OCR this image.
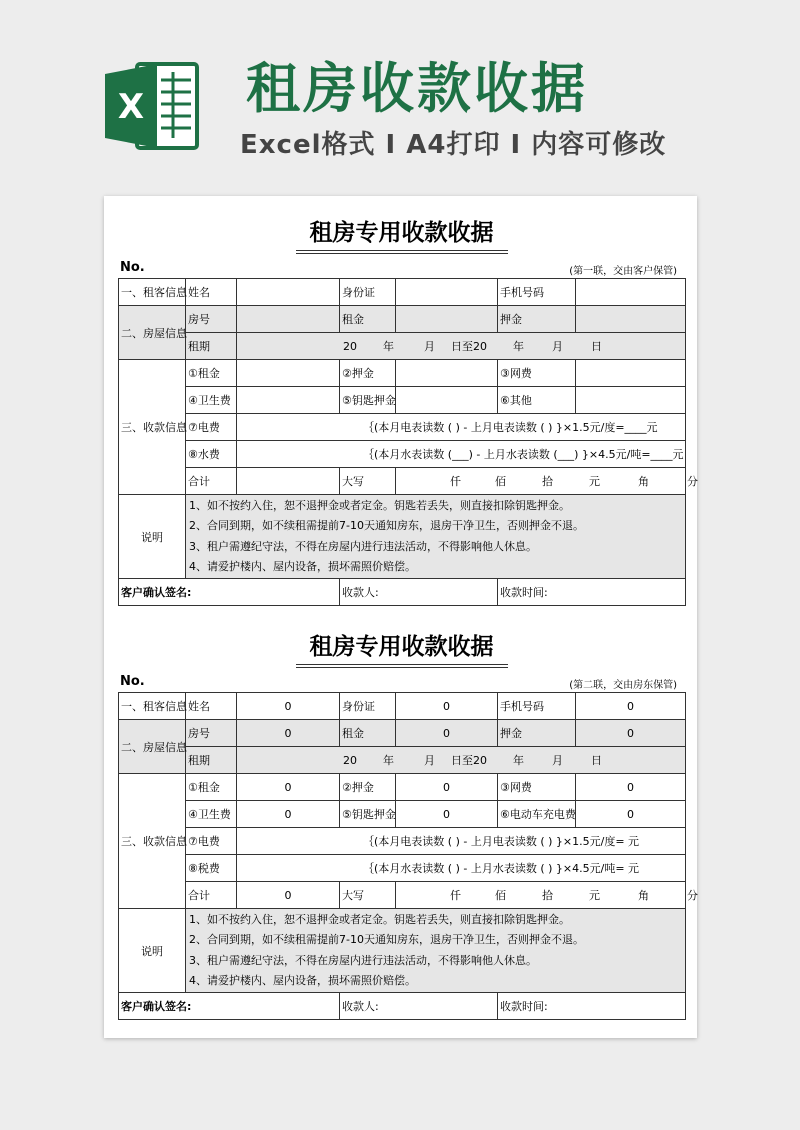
X 租房收款收据
Excel格式 I A4打印 I 内容可修改
租房专用收款收据
No.	(第一联，交由客户保管)
一、租客信息	姓名		身份证		手机号码	
二、房屋信息	房号		租金		押金	
	租期	20 年 月 日至20 年 月 日				
三、收款信息	①租金		②押金		③网费	
	④卫生费		⑤钥匙押金		⑥其他	
	⑦电费	｛(本月电表读数 ( ) - 上月电表读数 ( ) }×1.5元/度=____元				
	⑧水费	｛(本月水表读数 (___) - 上月水表读数 (___) }×4.5元/吨=____元				
	合计		大写	仟 佰 拾 元 角 分		
说明	1、如不按约入住，恕不退押金或者定金。钥匙若丢失，则直接扣除钥匙押金。
2、合同到期，如不续租需提前7-10天通知房东，退房干净卫生，否则押金不退。
3、租户需遵纪守法，不得在房屋内进行违法活动，不得影响他人休息。
4、请爱护楼内、屋内设备，损坏需照价赔偿。					

客户确认签名:			收款人:		收款时间:	
租房专用收款收据
No.	(第二联，交由房东保管)
一、租客信息	姓名	0	身份证	0	手机号码	0
二、房屋信息	房号	0	租金	0	押金	0
	租期	20 年 月 日至20 年 月 日				
三、收款信息	①租金	0	②押金	0	③网费	0
	④卫生费	0	⑤钥匙押金	0	⑥电动车充电费	0
	⑦电费	｛(本月电表读数 ( ) - 上月电表读数 ( ) }×1.5元/度= 元				
	⑧税费	｛(本月水表读数 ( ) - 上月水表读数 ( ) }×4.5元/吨= 元				
	合计	0	大写	仟 佰 拾 元 角 分		
说明	1、如不按约入住，恕不退押金或者定金。钥匙若丢失，则直接扣除钥匙押金。
2、合同到期，如不续租需提前7-10天通知房东，退房干净卫生，否则押金不退。
3、租户需遵纪守法，不得在房屋内进行违法活动，不得影响他人休息。
4、请爱护楼内、屋内设备，损坏需照价赔偿。					

客户确认签名:			收款人:		收款时间:	
